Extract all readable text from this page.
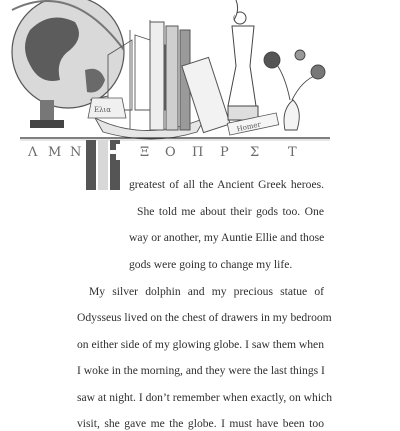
Homer
Ελια
Λ Μ Ν	Ξ Ο Π Ρ Σ Τ
greatest of all the Ancient Greek heroes.
She told me about their gods too. One
way or another, my Auntie Ellie and those
gods were going to change my life.
My silver dolphin and my precious statue of
Odysseus lived on the chest of drawers in my bedroom
on either side of my glowing globe. I saw them when
I woke in the morning, and they were the last things I
saw at night. I don’t remember when exactly, on which
visit, she gave me the globe. I must have been too
